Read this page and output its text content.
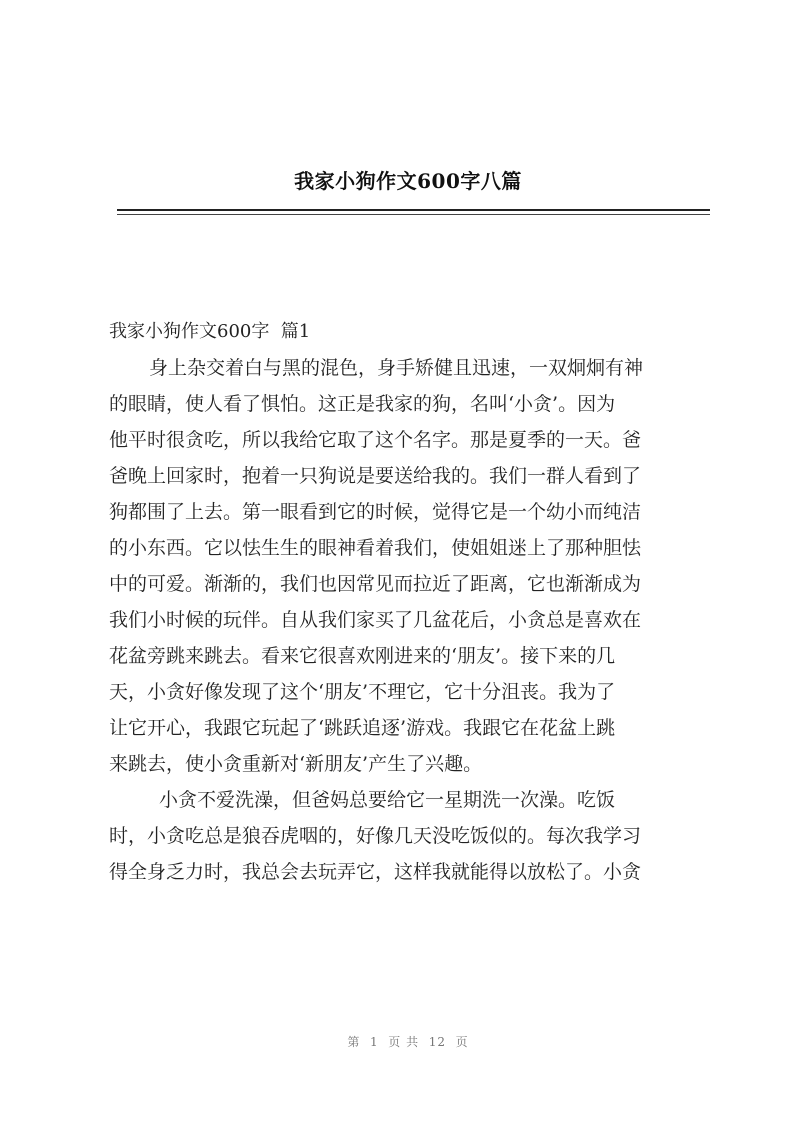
我家小狗作文600字八篇
我家小狗作文600字  篇1
身上杂交着白与黑的混色，身手矫健且迅速，一双炯炯有神
的眼睛，使人看了惧怕。这正是我家的狗，名叫‘小贪’。因为
他平时很贪吃，所以我给它取了这个名字。那是夏季的一天。爸
爸晚上回家时，抱着一只狗说是要送给我的。我们一群人看到了
狗都围了上去。第一眼看到它的时候，觉得它是一个幼小而纯洁
的小东西。它以怯生生的眼神看着我们，使姐姐迷上了那种胆怯
中的可爱。渐渐的，我们也因常见而拉近了距离，它也渐渐成为
我们小时候的玩伴。自从我们家买了几盆花后，小贪总是喜欢在
花盆旁跳来跳去。看来它很喜欢刚进来的‘朋友’。接下来的几
天，小贪好像发现了这个‘朋友’不理它，它十分沮丧。我为了
让它开心，我跟它玩起了‘跳跃追逐’游戏。我跟它在花盆上跳
来跳去，使小贪重新对‘新朋友’产生了兴趣。
小贪不爱洗澡，但爸妈总要给它一星期洗一次澡。吃饭
时，小贪吃总是狼吞虎咽的，好像几天没吃饭似的。每次我学习
得全身乏力时，我总会去玩弄它，这样我就能得以放松了。小贪
第  1  页 共  12  页
